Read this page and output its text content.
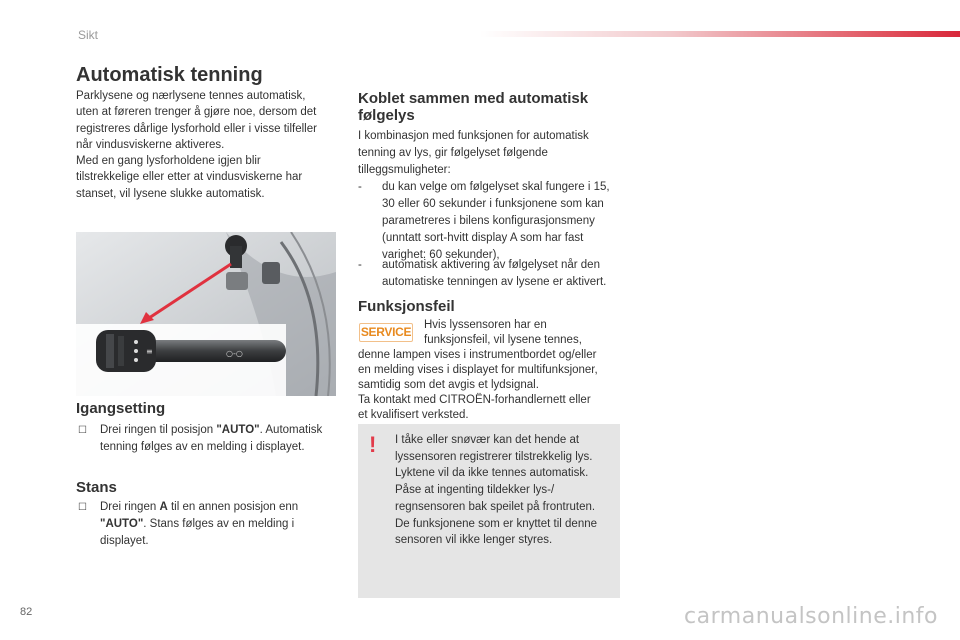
Sikt
Automatisk tenning
Parklysene og nærlysene tennes automatisk,
uten at føreren trenger å gjøre noe, dersom det
registreres dårlige lysforhold eller i visse tilfeller
når vindusviskerne aktiveres.
Med en gang lysforholdene igjen blir
tilstrekkelige eller etter at vindusviskerne har
stanset, vil lysene slukke automatisk.
≡	○-○
Igangsetting
☐ Drei ringen til posisjon "AUTO". Automatisk
tenning følges av en melding i displayet.
Stans
☐ Drei ringen A til en annen posisjon enn
"AUTO". Stans følges av en melding i
displayet.
Koblet sammen med automatisk
følgelys
I kombinasjon med funksjonen for automatisk
tenning av lys, gir følgelyset følgende
tilleggsmuligheter:
- du kan velge om følgelyset skal fungere i 15,
30 eller 60 sekunder i funksjonene som kan
parametreres i bilens konfigurasjonsmeny
(unntatt sort-hvitt display A som har fast
varighet: 60 sekunder),
- automatisk aktivering av følgelyset når den
automatiske tenningen av lysene er aktivert.
Funksjonsfeil
SERVICE Hvis lyssensoren har en
funksjonsfeil, vil lysene tennes,
denne lampen vises i instrumentbordet og/eller
en melding vises i displayet for multifunksjoner,
samtidig som det avgis et lydsignal.
Ta kontakt med CITROËN-forhandlernett eller
et kvalifisert verksted.
!	I tåke eller snøvær kan det hende at
lyssensoren registrerer tilstrekkelig lys.
Lyktene vil da ikke tennes automatisk.
Påse at ingenting tildekker lys-/
regnsensoren bak speilet på frontruten.
De funksjonene som er knyttet til denne
sensoren vil ikke lenger styres.
82	carmanualsonline.info
